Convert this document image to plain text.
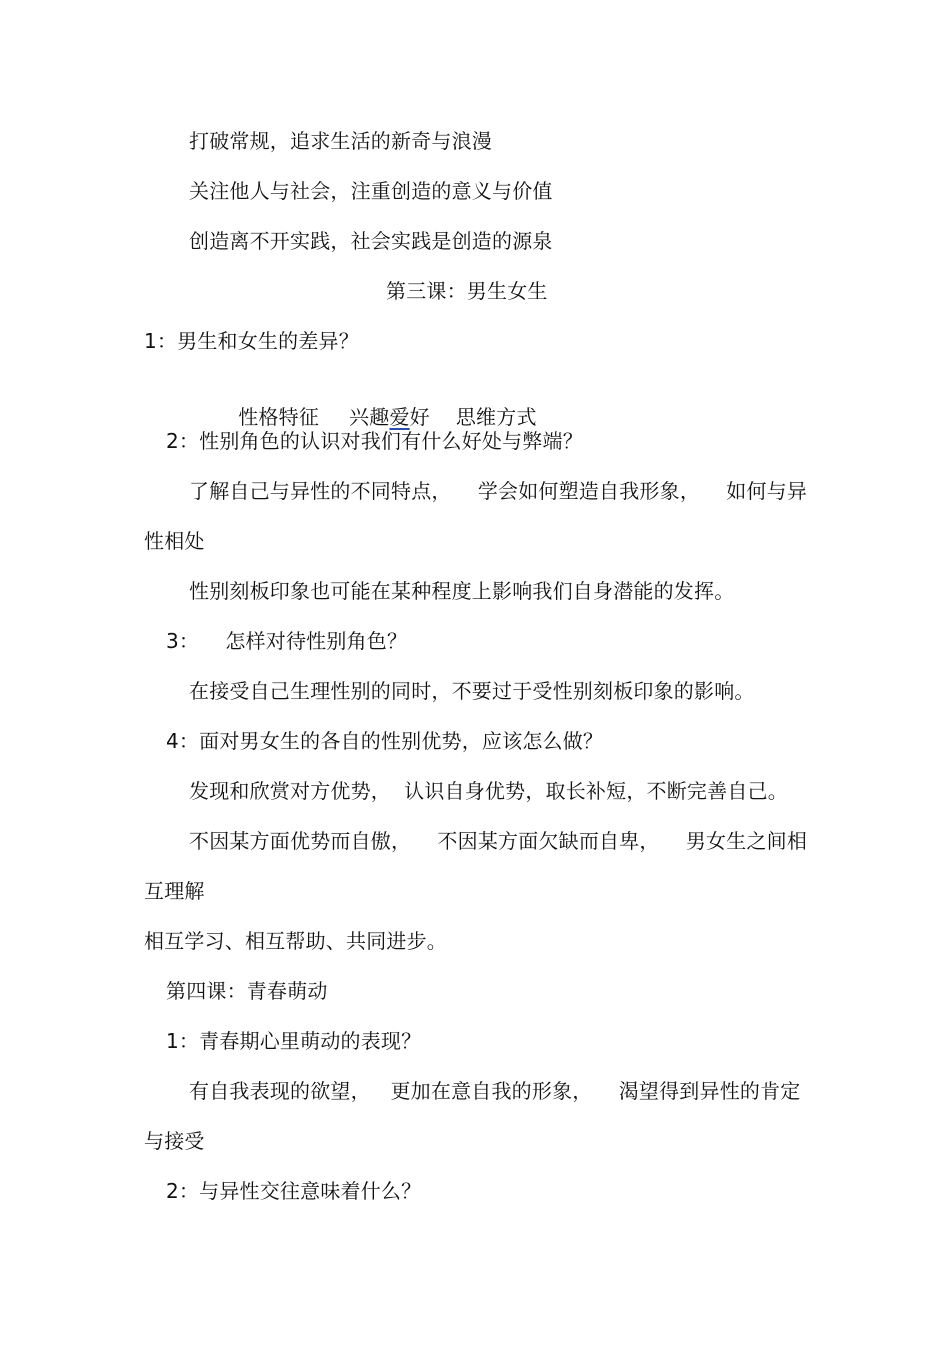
打破常规，追求生活的新奇与浪漫
关注他人与社会，注重创造的意义与价值
创造离不开实践，社会实践是创造的源泉
第三课：男生女生
1：男生和女生的差异？

性格特征 兴趣爱好 思维方式

2：性别角色的认识对我们有什么好处与弊端？
了解自己与异性的不同特点，    学会如何塑造自我形象，    如何与异
性相处
性别刻板印象也可能在某种程度上影响我们自身潜能的发挥。
3：    怎样对待性别角色？
在接受自己生理性别的同时，不要过于受性别刻板印象的影响。
4：面对男女生的各自的性别优势，应该怎么做？
发现和欣赏对方优势，  认识自身优势，取长补短，不断完善自己。
不因某方面优势而自傲，    不因某方面欠缺而自卑，    男女生之间相
互理解
相互学习、相互帮助、共同进步。
第四课：青春萌动
1：青春期心里萌动的表现？
有自我表现的欲望，   更加在意自我的形象，    渴望得到异性的肯定
与接受
2：与异性交往意味着什么？
